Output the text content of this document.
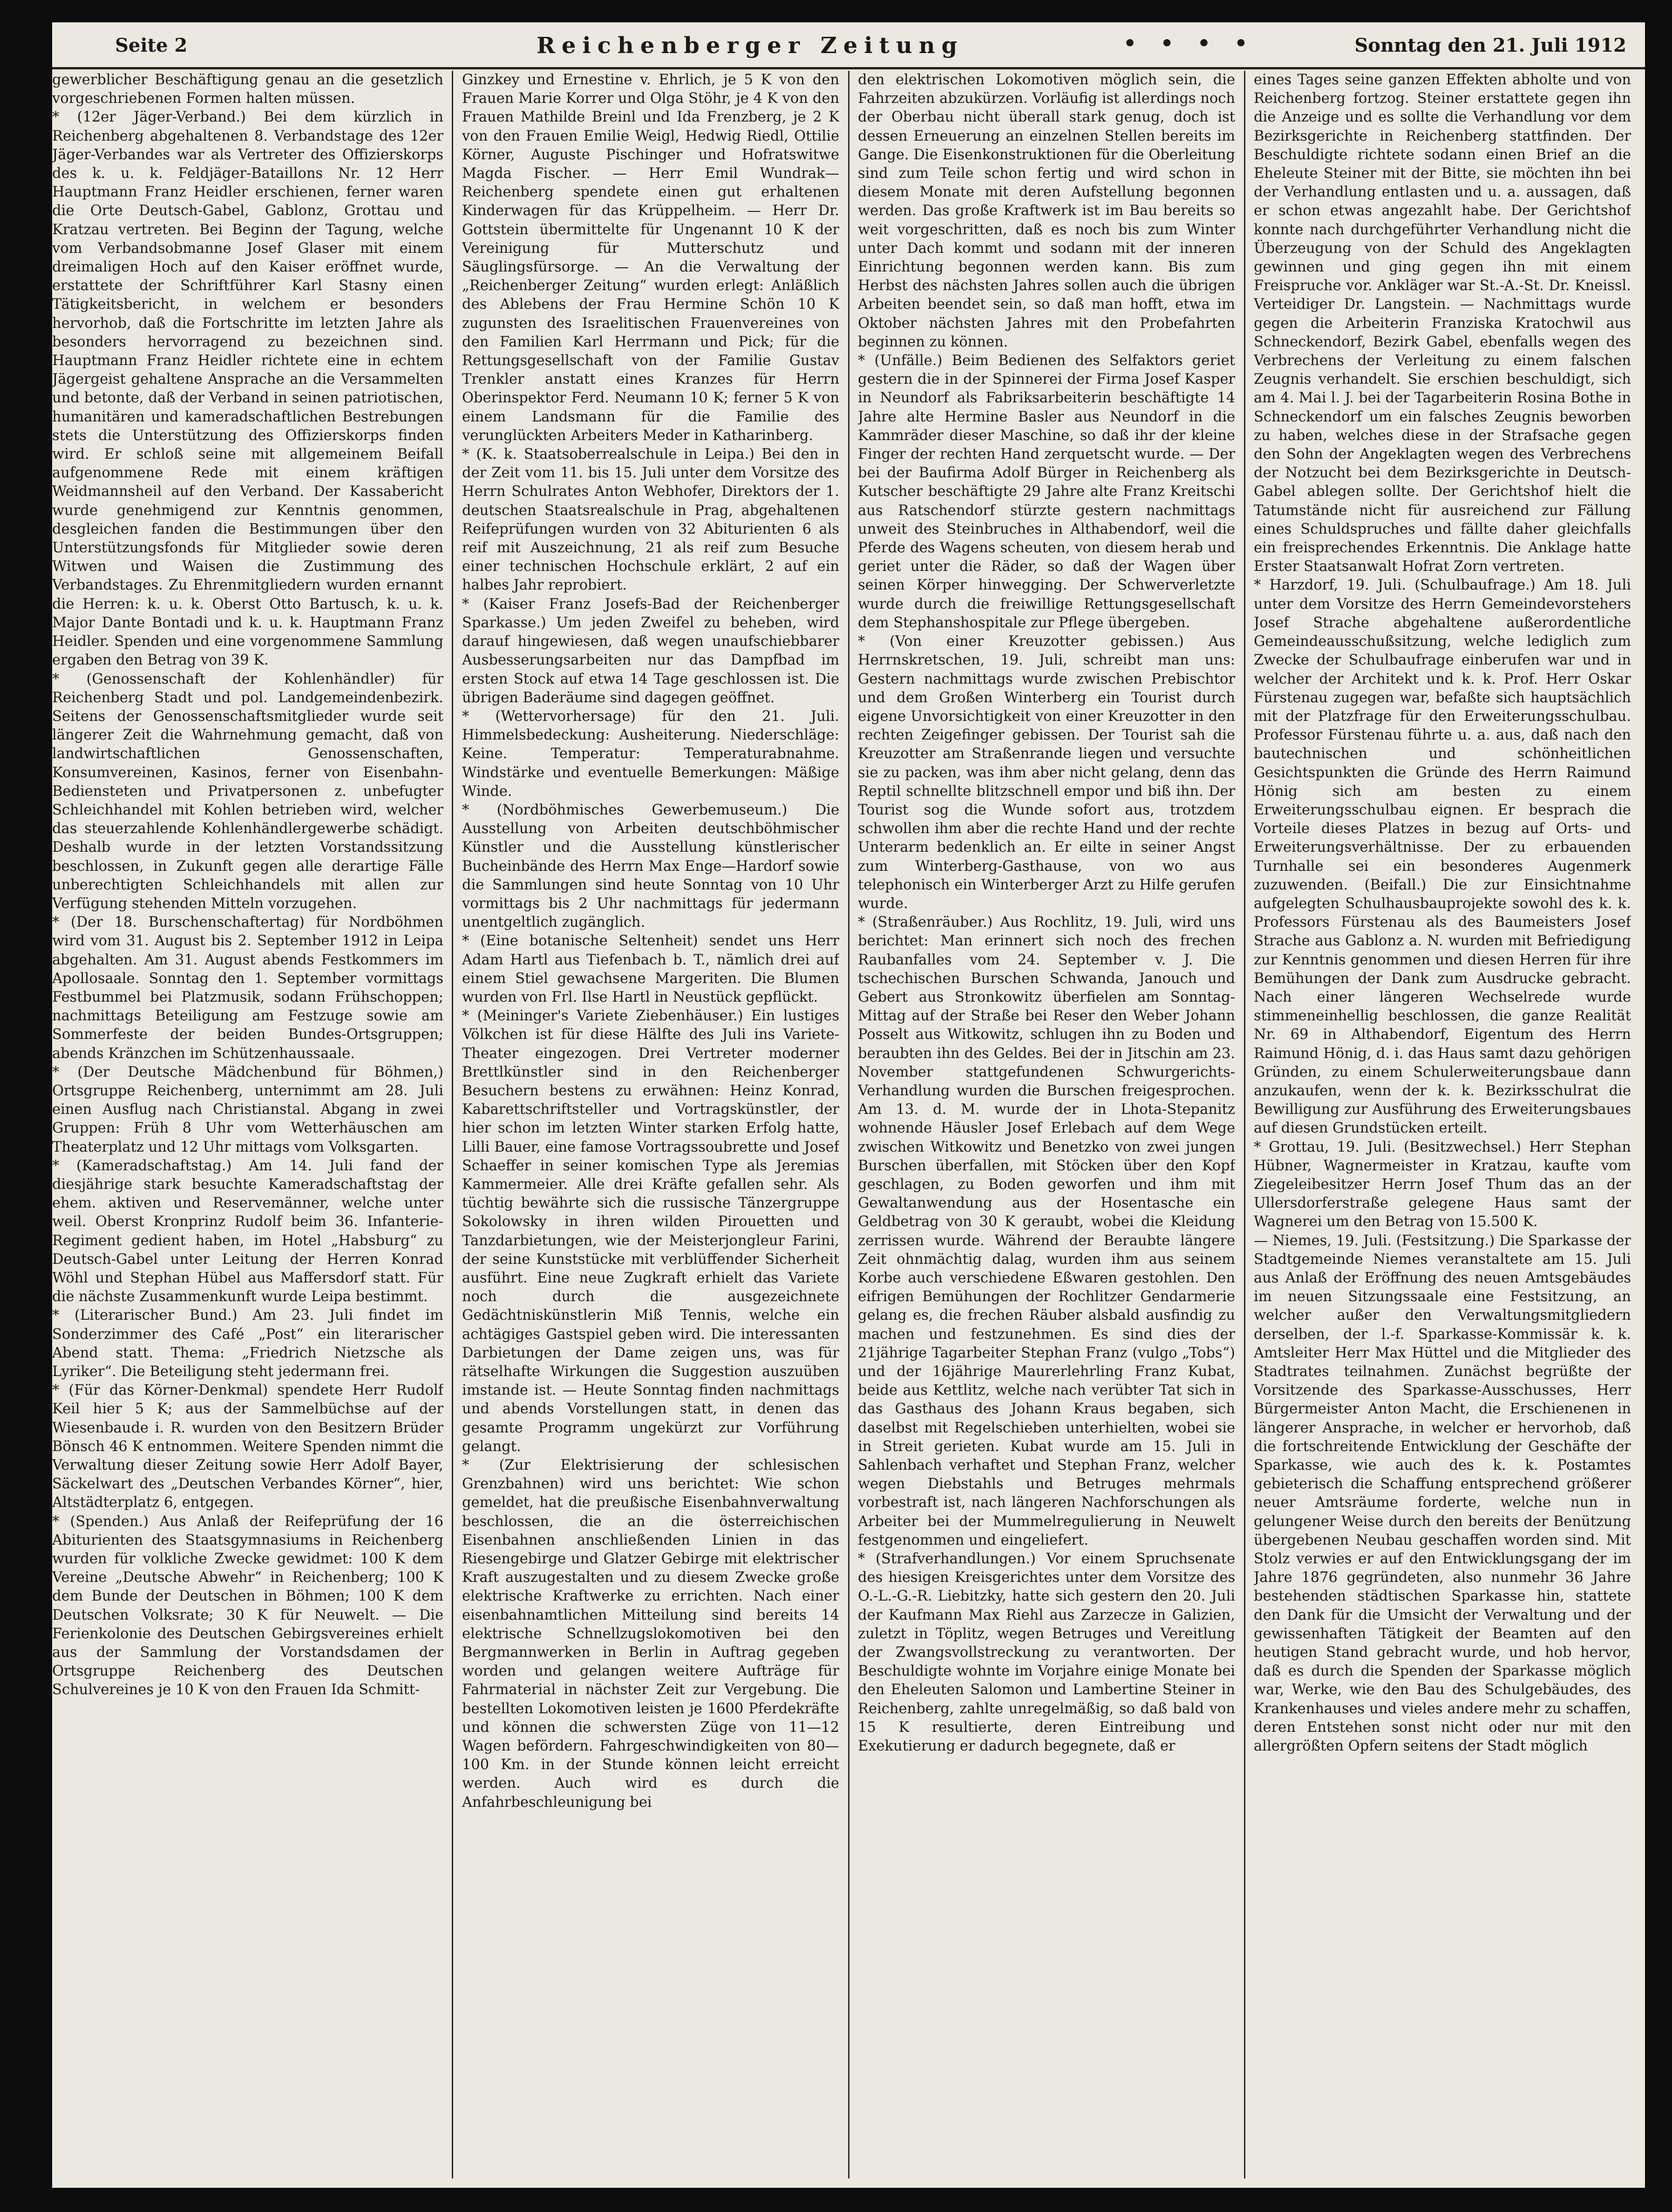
Seite 2	Reichenberger Zeitung	• • • •	Sonntag den 21. Juli 1912

gewerblicher Beschäftigung genau an die gesetzlich vorgeschriebenen Formen halten müssen.

* (12er Jäger-Verband.) Bei dem kürzlich in Reichenberg abgehaltenen 8. Verbandstage des 12er Jäger-Verbandes war als Vertreter des Offizierskorps des k. u. k. Feldjäger-Bataillons Nr. 12 Herr Hauptmann Franz Heidler erschienen, ferner waren die Orte Deutsch-Gabel, Gablonz, Grottau und Kratzau vertreten. Bei Beginn der Tagung, welche vom Verbandsobmanne Josef Glaser mit einem dreimaligen Hoch auf den Kaiser eröffnet wurde, erstattete der Schriftführer Karl Stasny einen Tätigkeitsbericht, in welchem er besonders hervorhob, daß die Fortschritte im letzten Jahre als besonders hervorragend zu bezeichnen sind. Hauptmann Franz Heidler richtete eine in echtem Jägergeist gehaltene Ansprache an die Versammelten und betonte, daß der Verband in seinen patriotischen, humanitären und kameradschaftlichen Bestrebungen stets die Unterstützung des Offizierskorps finden wird. Er schloß seine mit allgemeinem Beifall aufgenommene Rede mit einem kräftigen Weidmannsheil auf den Verband. Der Kassabericht wurde genehmigend zur Kenntnis genommen, desgleichen fanden die Bestimmungen über den Unterstützungsfonds für Mitglieder sowie deren Witwen und Waisen die Zustimmung des Verbandstages. Zu Ehrenmitgliedern wurden ernannt die Herren: k. u. k. Oberst Otto Bartusch, k. u. k. Major Dante Bontadi und k. u. k. Hauptmann Franz Heidler. Spenden und eine vorgenommene Sammlung ergaben den Betrag von 39 K.

* (Genossenschaft der Kohlenhändler) für Reichenberg Stadt und pol. Landgemeindenbezirk. Seitens der Genossenschaftsmitglieder wurde seit längerer Zeit die Wahrnehmung gemacht, daß von landwirtschaftlichen Genossenschaften, Konsumvereinen, Kasinos, ferner von Eisenbahn-Bediensteten und Privatpersonen z. unbefugter Schleichhandel mit Kohlen betrieben wird, welcher das steuerzahlende Kohlenhändlergewerbe schädigt. Deshalb wurde in der letzten Vorstandssitzung beschlossen, in Zukunft gegen alle derartige Fälle unberechtigten Schleichhandels mit allen zur Verfügung stehenden Mitteln vorzugehen.

* (Der 18. Burschenschaftertag) für Nordböhmen wird vom 31. August bis 2. September 1912 in Leipa abgehalten. Am 31. August abends Festkommers im Apollosaale. Sonntag den 1. September vormittags Festbummel bei Platzmusik, sodann Frühschoppen; nachmittags Beteiligung am Festzuge sowie am Sommerfeste der beiden Bundes-Ortsgruppen; abends Kränzchen im Schützenhaussaale.

* (Der Deutsche Mädchenbund für Böhmen,) Ortsgruppe Reichenberg, unternimmt am 28. Juli einen Ausflug nach Christianstal. Abgang in zwei Gruppen: Früh 8 Uhr vom Wetterhäuschen am Theaterplatz und 12 Uhr mittags vom Volksgarten.

* (Kameradschaftstag.) Am 14. Juli fand der diesjährige stark besuchte Kameradschaftstag der ehem. aktiven und Reservemänner, welche unter weil. Oberst Kronprinz Rudolf beim 36. Infanterie-Regiment gedient haben, im Hotel „Habsburg“ zu Deutsch-Gabel unter Leitung der Herren Konrad Wöhl und Stephan Hübel aus Maffersdorf statt. Für die nächste Zusammenkunft wurde Leipa bestimmt.

* (Literarischer Bund.) Am 23. Juli findet im Sonderzimmer des Café „Post“ ein literarischer Abend statt. Thema: „Friedrich Nietzsche als Lyriker“. Die Beteiligung steht jedermann frei.

* (Für das Körner-Denkmal) spendete Herr Rudolf Keil hier 5 K; aus der Sammelbüchse auf der Wiesenbaude i. R. wurden von den Besitzern Brüder Bönsch 46 K entnommen. Weitere Spenden nimmt die Verwaltung dieser Zeitung sowie Herr Adolf Bayer, Säckelwart des „Deutschen Verbandes Körner“, hier, Altstädterplatz 6, entgegen.

* (Spenden.) Aus Anlaß der Reifeprüfung der 16 Abiturienten des Staatsgymnasiums in Reichenberg wurden für volkliche Zwecke gewidmet: 100 K dem Vereine „Deutsche Abwehr“ in Reichenberg; 100 K dem Bunde der Deutschen in Böhmen; 100 K dem Deutschen Volksrate; 30 K für Neuwelt. — Die Ferienkolonie des Deutschen Gebirgsvereines erhielt aus der Sammlung der Vorstandsdamen der Ortsgruppe Reichenberg des Deutschen Schulvereines je 10 K von den Frauen Ida Schmitt-

Ginzkey und Ernestine v. Ehrlich, je 5 K von den Frauen Marie Korrer und Olga Stöhr, je 4 K von den Frauen Mathilde Breinl und Ida Frenzberg, je 2 K von den Frauen Emilie Weigl, Hedwig Riedl, Ottilie Körner, Auguste Pischinger und Hofratswitwe Magda Fischer. — Herr Emil Wundrak—Reichenberg spendete einen gut erhaltenen Kinderwagen für das Krüppelheim. — Herr Dr. Gottstein übermittelte für Ungenannt 10 K der Vereinigung für Mutterschutz und Säuglingsfürsorge. — An die Verwaltung der „Reichenberger Zeitung“ wurden erlegt: Anläßlich des Ablebens der Frau Hermine Schön 10 K zugunsten des Israelitischen Frauenvereines von den Familien Karl Herrmann und Pick; für die Rettungsgesellschaft von der Familie Gustav Trenkler anstatt eines Kranzes für Herrn Oberinspektor Ferd. Neumann 10 K; ferner 5 K von einem Landsmann für die Familie des verunglückten Arbeiters Meder in Katharinberg.

* (K. k. Staatsoberrealschule in Leipa.) Bei den in der Zeit vom 11. bis 15. Juli unter dem Vorsitze des Herrn Schulrates Anton Webhofer, Direktors der 1. deutschen Staatsrealschule in Prag, abgehaltenen Reifeprüfungen wurden von 32 Abiturienten 6 als reif mit Auszeichnung, 21 als reif zum Besuche einer technischen Hochschule erklärt, 2 auf ein halbes Jahr reprobiert.

* (Kaiser Franz Josefs-Bad der Reichenberger Sparkasse.) Um jeden Zweifel zu beheben, wird darauf hingewiesen, daß wegen unaufschiebbarer Ausbesserungsarbeiten nur das Dampfbad im ersten Stock auf etwa 14 Tage geschlossen ist. Die übrigen Baderäume sind dagegen geöffnet.

* (Wettervorhersage) für den 21. Juli. Himmelsbedeckung: Ausheiterung. Niederschläge: Keine. Temperatur: Temperaturabnahme. Windstärke und eventuelle Bemerkungen: Mäßige Winde.

* (Nordböhmisches Gewerbemuseum.) Die Ausstellung von Arbeiten deutschböhmischer Künstler und die Ausstellung künstlerischer Bucheinbände des Herrn Max Enge—Hardorf sowie die Sammlungen sind heute Sonntag von 10 Uhr vormittags bis 2 Uhr nachmittags für jedermann unentgeltlich zugänglich.

* (Eine botanische Seltenheit) sendet uns Herr Adam Hartl aus Tiefenbach b. T., nämlich drei auf einem Stiel gewachsene Margeriten. Die Blumen wurden von Frl. Ilse Hartl in Neustück gepflückt.

* (Meininger's Variete Ziebenhäuser.) Ein lustiges Völkchen ist für diese Hälfte des Juli ins Variete-Theater eingezogen. Drei Vertreter moderner Brettlkünstler sind in den Reichenberger Besuchern bestens zu erwähnen: Heinz Konrad, Kabarettschriftsteller und Vortragskünstler, der hier schon im letzten Winter starken Erfolg hatte, Lilli Bauer, eine famose Vortragssoubrette und Josef Schaeffer in seiner komischen Type als Jeremias Kammermeier. Alle drei Kräfte gefallen sehr. Als tüchtig bewährte sich die russische Tänzergruppe Sokolowsky in ihren wilden Pirouetten und Tanzdarbietungen, wie der Meisterjongleur Farini, der seine Kunststücke mit verblüffender Sicherheit ausführt. Eine neue Zugkraft erhielt das Variete noch durch die ausgezeichnete Gedächtniskünstlerin Miß Tennis, welche ein achtägiges Gastspiel geben wird. Die interessanten Darbietungen der Dame zeigen uns, was für rätselhafte Wirkungen die Suggestion auszuüben imstande ist. — Heute Sonntag finden nachmittags und abends Vorstellungen statt, in denen das gesamte Programm ungekürzt zur Vorführung gelangt.

* (Zur Elektrisierung der schlesischen Grenzbahnen) wird uns berichtet: Wie schon gemeldet, hat die preußische Eisenbahnverwaltung beschlossen, die an die österreichischen Eisenbahnen anschließenden Linien in das Riesengebirge und Glatzer Gebirge mit elektrischer Kraft auszugestalten und zu diesem Zwecke große elektrische Kraftwerke zu errichten. Nach einer eisenbahnamtlichen Mitteilung sind bereits 14 elektrische Schnellzugslokomotiven bei den Bergmannwerken in Berlin in Auftrag gegeben worden und gelangen weitere Aufträge für Fahrmaterial in nächster Zeit zur Vergebung. Die bestellten Lokomotiven leisten je 1600 Pferdekräfte und können die schwersten Züge von 11—12 Wagen befördern. Fahrgeschwindigkeiten von 80—100 Km. in der Stunde können leicht erreicht werden. Auch wird es durch die Anfahrbeschleunigung bei

den elektrischen Lokomotiven möglich sein, die Fahrzeiten abzukürzen. Vorläufig ist allerdings noch der Oberbau nicht überall stark genug, doch ist dessen Erneuerung an einzelnen Stellen bereits im Gange. Die Eisenkonstruktionen für die Oberleitung sind zum Teile schon fertig und wird schon in diesem Monate mit deren Aufstellung begonnen werden. Das große Kraftwerk ist im Bau bereits so weit vorgeschritten, daß es noch bis zum Winter unter Dach kommt und sodann mit der inneren Einrichtung begonnen werden kann. Bis zum Herbst des nächsten Jahres sollen auch die übrigen Arbeiten beendet sein, so daß man hofft, etwa im Oktober nächsten Jahres mit den Probefahrten beginnen zu können.

* (Unfälle.) Beim Bedienen des Selfaktors geriet gestern die in der Spinnerei der Firma Josef Kasper in Neundorf als Fabriksarbeiterin beschäftigte 14 Jahre alte Hermine Basler aus Neundorf in die Kammräder dieser Maschine, so daß ihr der kleine Finger der rechten Hand zerquetscht wurde. — Der bei der Baufirma Adolf Bürger in Reichenberg als Kutscher beschäftigte 29 Jahre alte Franz Kreitschi aus Ratschendorf stürzte gestern nachmittags unweit des Steinbruches in Althabendorf, weil die Pferde des Wagens scheuten, von diesem herab und geriet unter die Räder, so daß der Wagen über seinen Körper hinwegging. Der Schwerverletzte wurde durch die freiwillige Rettungsgesellschaft dem Stephanshospitale zur Pflege übergeben.

* (Von einer Kreuzotter gebissen.) Aus Herrnskretschen, 19. Juli, schreibt man uns: Gestern nachmittags wurde zwischen Prebischtor und dem Großen Winterberg ein Tourist durch eigene Unvorsichtigkeit von einer Kreuzotter in den rechten Zeigefinger gebissen. Der Tourist sah die Kreuzotter am Straßenrande liegen und versuchte sie zu packen, was ihm aber nicht gelang, denn das Reptil schnellte blitzschnell empor und biß ihn. Der Tourist sog die Wunde sofort aus, trotzdem schwollen ihm aber die rechte Hand und der rechte Unterarm bedenklich an. Er eilte in seiner Angst zum Winterberg-Gasthause, von wo aus telephonisch ein Winterberger Arzt zu Hilfe gerufen wurde.

* (Straßenräuber.) Aus Rochlitz, 19. Juli, wird uns berichtet: Man erinnert sich noch des frechen Raubanfalles vom 24. September v. J. Die tschechischen Burschen Schwanda, Janouch und Gebert aus Stronkowitz überfielen am Sonntag-Mittag auf der Straße bei Reser den Weber Johann Posselt aus Witkowitz, schlugen ihn zu Boden und beraubten ihn des Geldes. Bei der in Jitschin am 23. November stattgefundenen Schwurgerichts-Verhandlung wurden die Burschen freigesprochen. Am 13. d. M. wurde der in Lhota-Stepanitz wohnende Häusler Josef Erlebach auf dem Wege zwischen Witkowitz und Benetzko von zwei jungen Burschen überfallen, mit Stöcken über den Kopf geschlagen, zu Boden geworfen und ihm mit Gewaltanwendung aus der Hosentasche ein Geldbetrag von 30 K geraubt, wobei die Kleidung zerrissen wurde. Während der Beraubte längere Zeit ohnmächtig dalag, wurden ihm aus seinem Korbe auch verschiedene Eßwaren gestohlen. Den eifrigen Bemühungen der Rochlitzer Gendarmerie gelang es, die frechen Räuber alsbald ausfindig zu machen und festzunehmen. Es sind dies der 21jährige Tagarbeiter Stephan Franz (vulgo „Tobs“) und der 16jährige Maurerlehrling Franz Kubat, beide aus Kettlitz, welche nach verübter Tat sich in das Gasthaus des Johann Kraus begaben, sich daselbst mit Regelschieben unterhielten, wobei sie in Streit gerieten. Kubat wurde am 15. Juli in Sahlenbach verhaftet und Stephan Franz, welcher wegen Diebstahls und Betruges mehrmals vorbestraft ist, nach längeren Nachforschungen als Arbeiter bei der Mummelregulierung in Neuwelt festgenommen und eingeliefert.

* (Strafverhandlungen.) Vor einem Spruchsenate des hiesigen Kreisgerichtes unter dem Vorsitze des O.-L.-G.-R. Liebitzky, hatte sich gestern den 20. Juli der Kaufmann Max Riehl aus Zarzecze in Galizien, zuletzt in Töplitz, wegen Betruges und Vereitlung der Zwangsvollstreckung zu verantworten. Der Beschuldigte wohnte im Vorjahre einige Monate bei den Eheleuten Salomon und Lambertine Steiner in Reichenberg, zahlte unregelmäßig, so daß bald von 15 K resultierte, deren Eintreibung und Exekutierung er dadurch begegnete, daß er

eines Tages seine ganzen Effekten abholte und von Reichenberg fortzog. Steiner erstattete gegen ihn die Anzeige und es sollte die Verhandlung vor dem Bezirksgerichte in Reichenberg stattfinden. Der Beschuldigte richtete sodann einen Brief an die Eheleute Steiner mit der Bitte, sie möchten ihn bei der Verhandlung entlasten und u. a. aussagen, daß er schon etwas angezahlt habe. Der Gerichtshof konnte nach durchgeführter Verhandlung nicht die Überzeugung von der Schuld des Angeklagten gewinnen und ging gegen ihn mit einem Freispruche vor. Ankläger war St.-A.-St. Dr. Kneissl. Verteidiger Dr. Langstein. — Nachmittags wurde gegen die Arbeiterin Franziska Kratochwil aus Schneckendorf, Bezirk Gabel, ebenfalls wegen des Verbrechens der Verleitung zu einem falschen Zeugnis verhandelt. Sie erschien beschuldigt, sich am 4. Mai l. J. bei der Tagarbeiterin Rosina Bothe in Schneckendorf um ein falsches Zeugnis beworben zu haben, welches diese in der Strafsache gegen den Sohn der Angeklagten wegen des Verbrechens der Notzucht bei dem Bezirksgerichte in Deutsch-Gabel ablegen sollte. Der Gerichtshof hielt die Tatumstände nicht für ausreichend zur Fällung eines Schuldspruches und fällte daher gleichfalls ein freisprechendes Erkenntnis. Die Anklage hatte Erster Staatsanwalt Hofrat Zorn vertreten.

* Harzdorf, 19. Juli. (Schulbaufrage.) Am 18. Juli unter dem Vorsitze des Herrn Gemeindevorstehers Josef Strache abgehaltene außerordentliche Gemeindeausschußsitzung, welche lediglich zum Zwecke der Schulbaufrage einberufen war und in welcher der Architekt und k. k. Prof. Herr Oskar Fürstenau zugegen war, befaßte sich hauptsächlich mit der Platzfrage für den Erweiterungsschulbau. Professor Fürstenau führte u. a. aus, daß nach den bautechnischen und schönheitlichen Gesichtspunkten die Gründe des Herrn Raimund Hönig sich am besten zu einem Erweiterungsschulbau eignen. Er besprach die Vorteile dieses Platzes in bezug auf Orts- und Erweiterungsverhältnisse. Der zu erbauenden Turnhalle sei ein besonderes Augenmerk zuzuwenden. (Beifall.) Die zur Einsichtnahme aufgelegten Schulhausbauprojekte sowohl des k. k. Professors Fürstenau als des Baumeisters Josef Strache aus Gablonz a. N. wurden mit Befriedigung zur Kenntnis genommen und diesen Herren für ihre Bemühungen der Dank zum Ausdrucke gebracht. Nach einer längeren Wechselrede wurde stimmeneinhellig beschlossen, die ganze Realität Nr. 69 in Althabendorf, Eigentum des Herrn Raimund Hönig, d. i. das Haus samt dazu gehörigen Gründen, zu einem Schulerweiterungsbaue dann anzukaufen, wenn der k. k. Bezirksschulrat die Bewilligung zur Ausführung des Erweiterungsbaues auf diesen Grundstücken erteilt.

* Grottau, 19. Juli. (Besitzwechsel.) Herr Stephan Hübner, Wagnermeister in Kratzau, kaufte vom Ziegeleibesitzer Herrn Josef Thum das an der Ullersdorferstraße gelegene Haus samt der Wagnerei um den Betrag von 15.500 K.

— Niemes, 19. Juli. (Festsitzung.) Die Sparkasse der Stadtgemeinde Niemes veranstaltete am 15. Juli aus Anlaß der Eröffnung des neuen Amtsgebäudes im neuen Sitzungssaale eine Festsitzung, an welcher außer den Verwaltungsmitgliedern derselben, der l.-f. Sparkasse-Kommissär k. k. Amtsleiter Herr Max Hüttel und die Mitglieder des Stadtrates teilnahmen. Zunächst begrüßte der Vorsitzende des Sparkasse-Ausschusses, Herr Bürgermeister Anton Macht, die Erschienenen in längerer Ansprache, in welcher er hervorhob, daß die fortschreitende Entwicklung der Geschäfte der Sparkasse, wie auch des k. k. Postamtes gebieterisch die Schaffung entsprechend größerer neuer Amtsräume forderte, welche nun in gelungener Weise durch den bereits der Benützung übergebenen Neubau geschaffen worden sind. Mit Stolz verwies er auf den Entwicklungsgang der im Jahre 1876 gegründeten, also nunmehr 36 Jahre bestehenden städtischen Sparkasse hin, stattete den Dank für die Umsicht der Verwaltung und der gewissenhaften Tätigkeit der Beamten auf den heutigen Stand gebracht wurde, und hob hervor, daß es durch die Spenden der Sparkasse möglich war, Werke, wie den Bau des Schulgebäudes, des Krankenhauses und vieles andere mehr zu schaffen, deren Entstehen sonst nicht oder nur mit den allergrößten Opfern seitens der Stadt möglich
